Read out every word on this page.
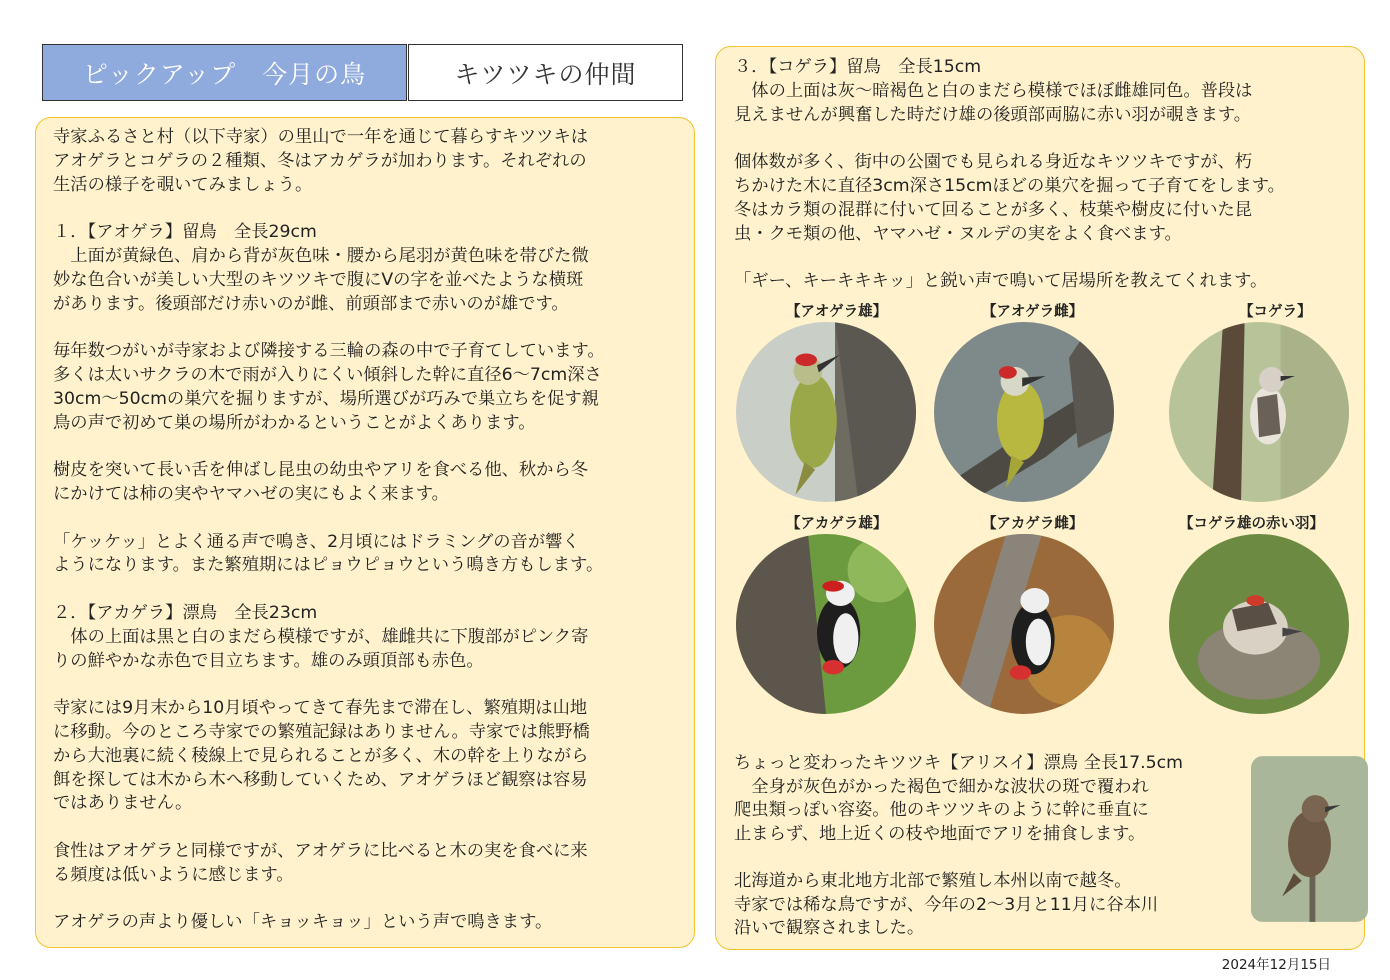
ピックアップ　今月の鳥	キツツキの仲間
寺家ふるさと村（以下寺家）の里山で一年を通じて暮らすキツツキは
アオゲラとコゲラの２種類、冬はアカゲラが加わります。それぞれの
生活の様子を覗いてみましょう。
１．【アオゲラ】留鳥　全長29cm
　上面が黄緑色、肩から背が灰色味・腰から尾羽が黄色味を帯びた微
妙な色合いが美しい大型のキツツキで腹にVの字を並べたような横斑
があります。後頭部だけ赤いのが雌、前頭部まで赤いのが雄です。
毎年数つがいが寺家および隣接する三輪の森の中で子育てしています。
多くは太いサクラの木で雨が入りにくい傾斜した幹に直径6〜7cm深さ
30cm〜50cmの巣穴を掘りますが、場所選びが巧みで巣立ちを促す親
鳥の声で初めて巣の場所がわかるということがよくあります。
樹皮を突いて長い舌を伸ばし昆虫の幼虫やアリを食べる他、秋から冬
にかけては柿の実やヤマハゼの実にもよく来ます。
「ケッケッ」とよく通る声で鳴き、2月頃にはドラミングの音が響く
ようになります。また繁殖期にはピョウピョウという鳴き方もします。
２．【アカゲラ】漂鳥　全長23cm
　体の上面は黒と白のまだら模様ですが、雄雌共に下腹部がピンク寄
りの鮮やかな赤色で目立ちます。雄のみ頭頂部も赤色。
寺家には9月末から10月頃やってきて春先まで滞在し、繁殖期は山地
に移動。今のところ寺家での繁殖記録はありません。寺家では熊野橋
から大池裏に続く稜線上で見られることが多く、木の幹を上りながら
餌を探しては木から木へ移動していくため、アオゲラほど観察は容易
ではありません。
食性はアオゲラと同様ですが、アオゲラに比べると木の実を食べに来
る頻度は低いように感じます。
アオゲラの声より優しい「キョッキョッ」という声で鳴きます。
３．【コゲラ】留鳥　全長15cm
　体の上面は灰〜暗褐色と白のまだら模様でほぼ雌雄同色。普段は
見えませんが興奮した時だけ雄の後頭部両脇に赤い羽が覗きます。
個体数が多く、街中の公園でも見られる身近なキツツキですが、朽
ちかけた木に直径3cm深さ15cmほどの巣穴を掘って子育てをします。
冬はカラ類の混群に付いて回ることが多く、枝葉や樹皮に付いた昆
虫・クモ類の他、ヤマハゼ・ヌルデの実をよく食べます。
「ギー、キーキキキッ」と鋭い声で鳴いて居場所を教えてくれます。
【アオゲラ雄】	【アオゲラ雌】	【コゲラ】
【アカゲラ雄】	【アカゲラ雌】	【コゲラ雄の赤い羽】
ちょっと変わったキツツキ【アリスイ】漂鳥 全長17.5cm
　全身が灰色がかった褐色で細かな波状の斑で覆われ
爬虫類っぽい容姿。他のキツツキのように幹に垂直に
止まらず、地上近くの枝や地面でアリを捕食します。
北海道から東北地方北部で繁殖し本州以南で越冬。
寺家では稀な鳥ですが、今年の2〜3月と11月に谷本川
沿いで観察されました。
2024年12月15日
